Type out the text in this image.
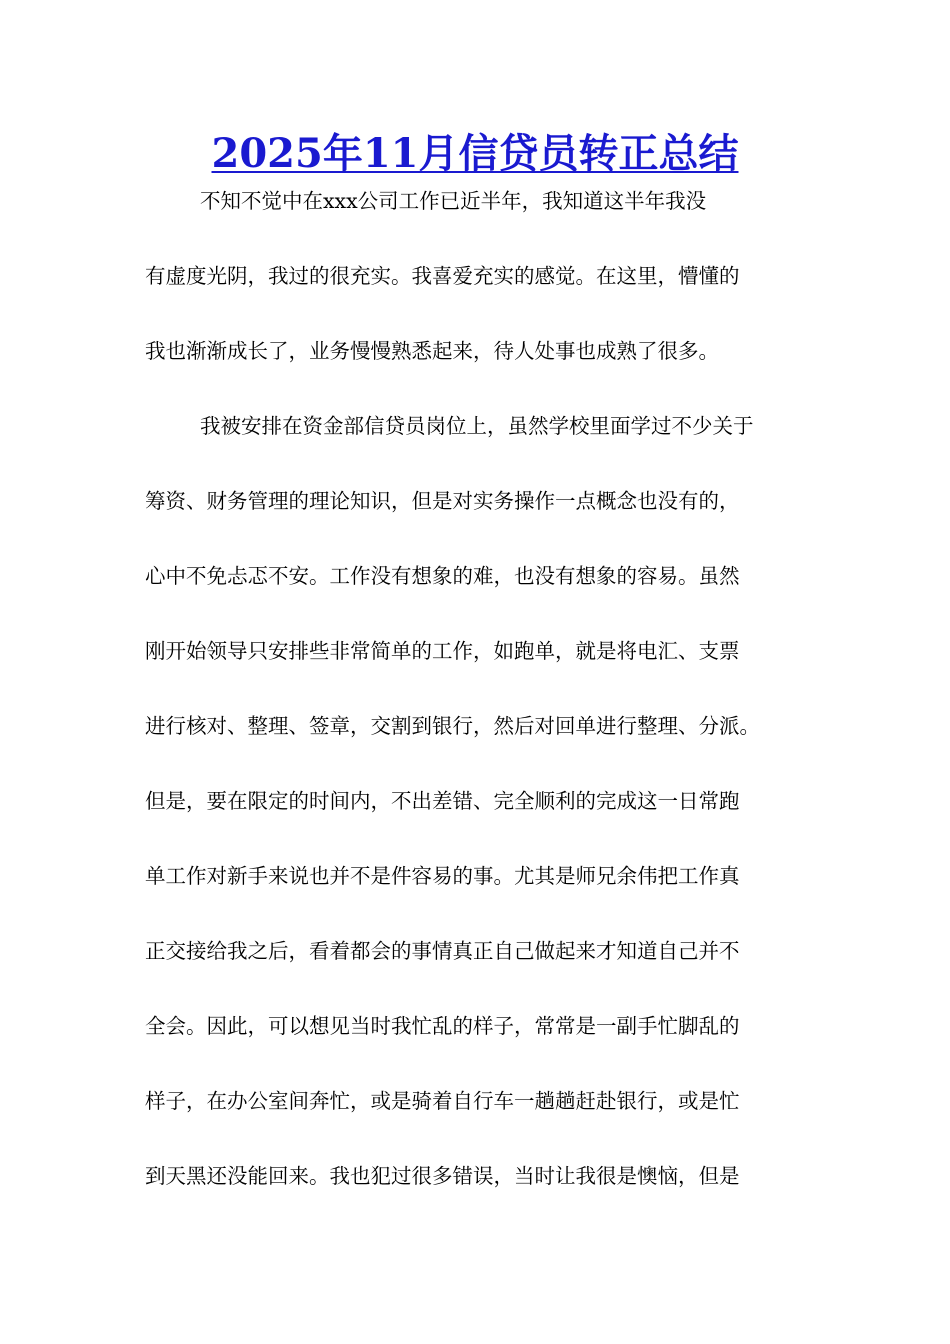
2025年11月信贷员转正总结
不知不觉中在xxx公司工作已近半年，我知道这半年我没
有虚度光阴，我过的很充实。我喜爱充实的感觉。在这里，懵懂的
我也渐渐成长了，业务慢慢熟悉起来，待人处事也成熟了很多。
我被安排在资金部信贷员岗位上，虽然学校里面学过不少关于
筹资、财务管理的理论知识，但是对实务操作一点概念也没有的，
心中不免忐忑不安。工作没有想象的难，也没有想象的容易。虽然
刚开始领导只安排些非常简单的工作，如跑单，就是将电汇、支票
进行核对、整理、签章，交割到银行，然后对回单进行整理、分派。
但是，要在限定的时间内，不出差错、完全顺利的完成这一日常跑
单工作对新手来说也并不是件容易的事。尤其是师兄余伟把工作真
正交接给我之后，看着都会的事情真正自己做起来才知道自己并不
全会。因此，可以想见当时我忙乱的样子，常常是一副手忙脚乱的
样子，在办公室间奔忙，或是骑着自行车一趟趟赶赴银行，或是忙
到天黑还没能回来。我也犯过很多错误，当时让我很是懊恼，但是
